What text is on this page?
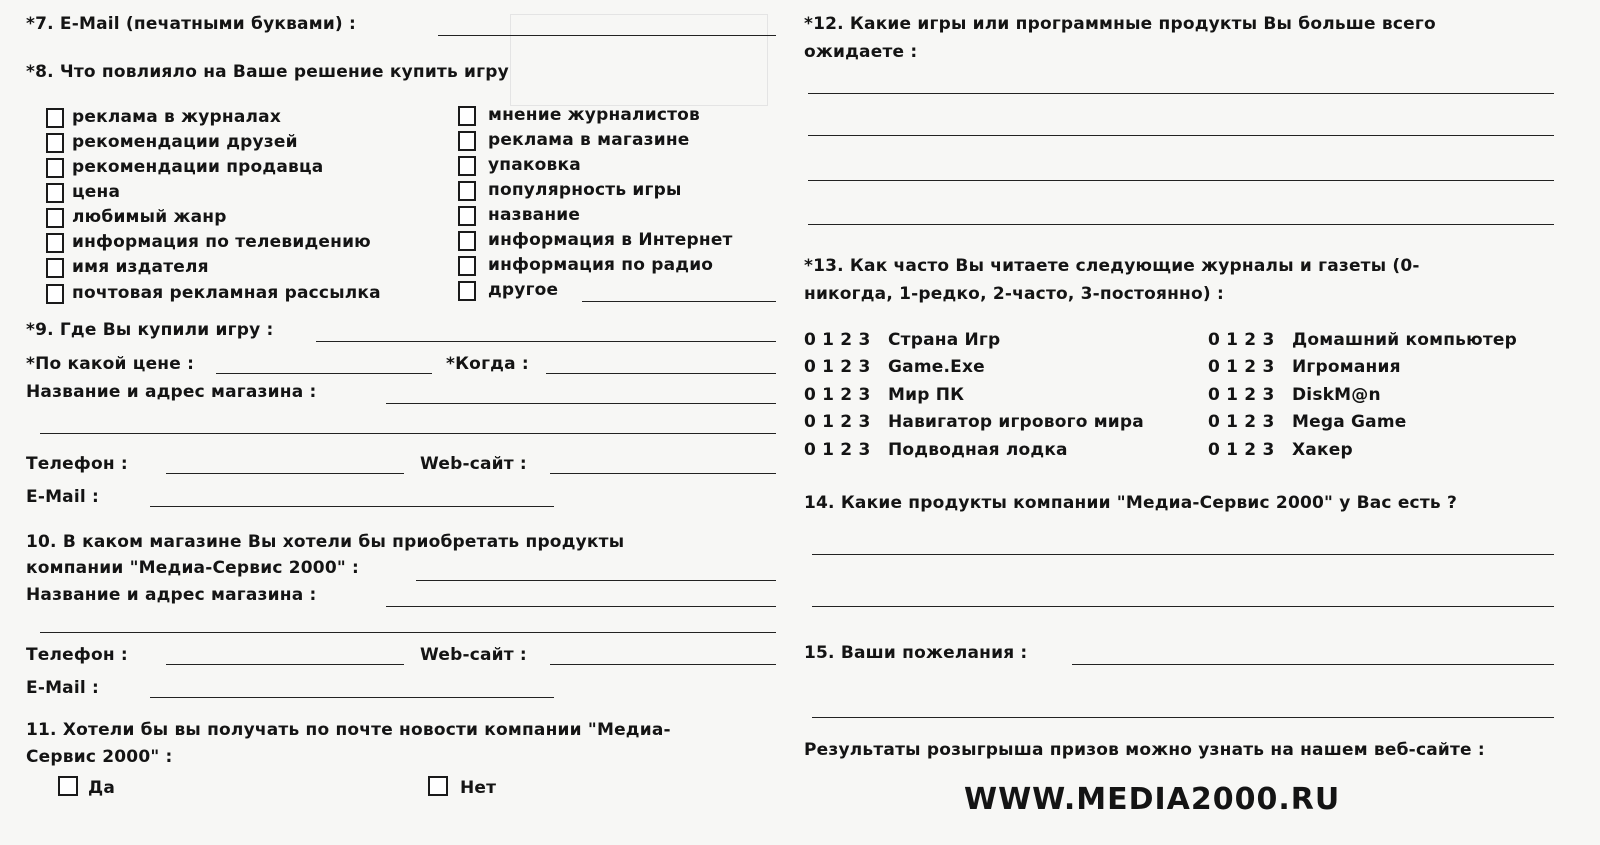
*7. E-Mail (печатными буквами) :
*8. Что повлияло на Ваше решение купить игру
реклама в журналах
рекомендации друзей
рекомендации продавца
цена
любимый жанр
информация по телевидению
имя издателя
почтовая рекламная рассылка
мнение журналистов
реклама в магазине
упаковка
популярность игры
название
информация в Интернет
информация по радио
другое
*9. Где Вы купили игру :
*По какой цене :	*Когда :
Название и адрес магазина :
Телефон :	Web-сайт :
E-Mail :
10. В каком магазине Вы хотели бы приобретать продукты
компании "Медиа-Сервис 2000" :
Название и адрес магазина :
Телефон :	Web-сайт :
E-Mail :
11. Хотели бы вы получать по почте новости компании "Медиа-
Сервис 2000" :
Да	Нет
*12. Какие игры или программные продукты Вы больше всего
ожидаете :
*13. Как часто Вы читаете следующие журналы и газеты (0-
никогда, 1-редко, 2-часто, 3-постоянно) :
0 1 2 3 Страна Игр
0 1 2 3 Game.Exe
0 1 2 3 Мир ПК
0 1 2 3 Навигатор игрового мира
0 1 2 3 Подводная лодка
0 1 2 3 Домашний компьютер
0 1 2 3 Игромания
0 1 2 3 DiskM@n
0 1 2 3 Mega Game
0 1 2 3 Хакер
14. Какие продукты компании "Медиа-Сервис 2000" у Вас есть ?
15. Ваши пожелания :
Результаты розыгрыша призов можно узнать на нашем веб-сайте :
WWW.MEDIA2000.RU
